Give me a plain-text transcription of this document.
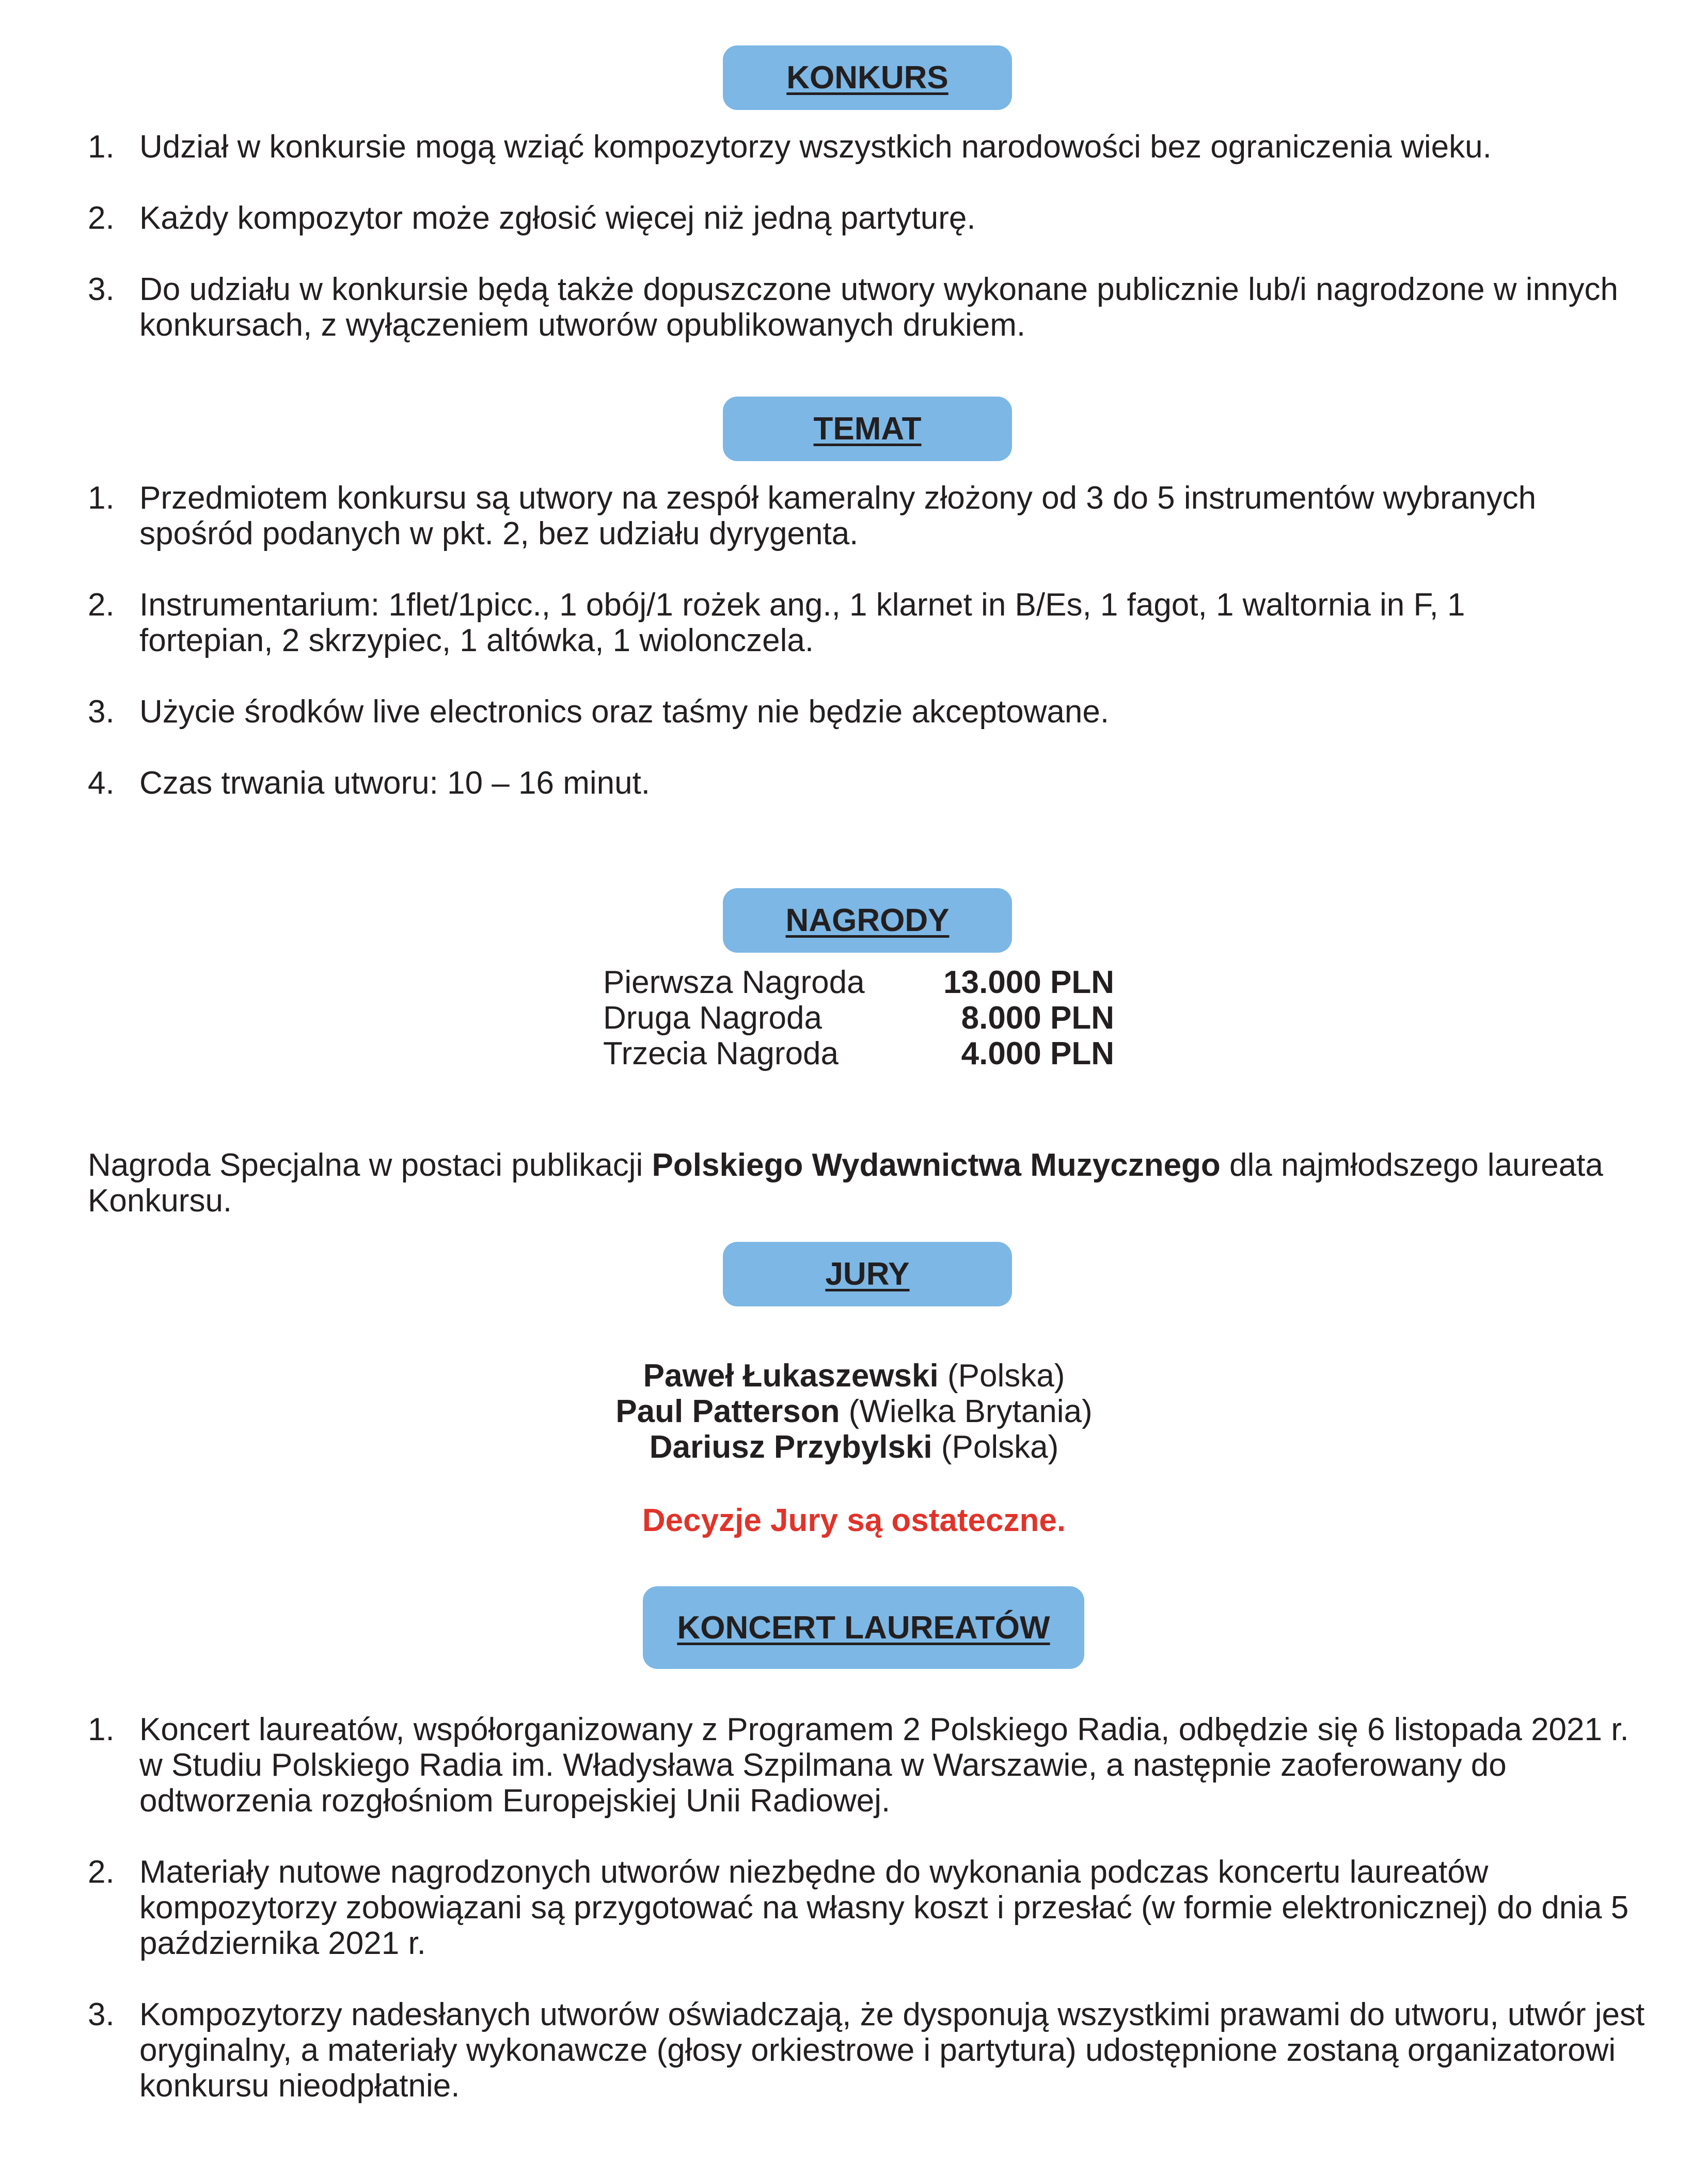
KONKURS
1. Udział w konkursie mogą wziąć kompozytorzy wszystkich narodowości bez ograniczenia wieku.
2. Każdy kompozytor może zgłosić więcej niż jedną partyturę.
3. Do udziału w konkursie będą także dopuszczone utwory wykonane publicznie lub/i nagrodzone w innych konkursach, z wyłączeniem utworów opublikowanych drukiem.
TEMAT
1. Przedmiotem konkursu są utwory na zespół kameralny złożony od 3 do 5 instrumentów wybranych spośród podanych w pkt. 2, bez udziału dyrygenta.
2. Instrumentarium: 1flet/1picc., 1 obój/1 rożek ang., 1 klarnet in B/Es, 1 fagot, 1 waltornia in F, 1 fortepian, 2 skrzypiec, 1 altówka, 1 wiolonczela.
3. Użycie środków live electronics oraz taśmy nie będzie akceptowane.
4. Czas trwania utworu: 10 – 16 minut.
NAGRODY
Pierwsza Nagroda 13.000 PLN
Druga Nagroda	8.000 PLN
Trzecia Nagroda	4.000 PLN
Nagroda Specjalna w postaci publikacji Polskiego Wydawnictwa Muzycznego dla najmłodszego laureata Konkursu.
JURY
Paweł Łukaszewski (Polska)
Paul Patterson (Wielka Brytania)
Dariusz Przybylski (Polska)
Decyzje Jury są ostateczne.
KONCERT LAUREATÓW
1. Koncert laureatów, współorganizowany z Programem 2 Polskiego Radia, odbędzie się 6 listopada 2021 r. w Studiu Polskiego Radia im. Władysława Szpilmana w Warszawie, a następnie zaoferowany do odtworzenia rozgłośniom Europejskiej Unii Radiowej.
2. Materiały nutowe nagrodzonych utworów niezbędne do wykonania podczas koncertu laureatów kompozytorzy zobowiązani są przygotować na własny koszt i przesłać (w formie elektronicznej) do dnia 5 października 2021 r.
3. Kompozytorzy nadesłanych utworów oświadczają, że dysponują wszystkimi prawami do utworu, utwór jest oryginalny, a materiały wykonawcze (głosy orkiestrowe i partytura) udostępnione zostaną organizatorowi konkursu nieodpłatnie.
